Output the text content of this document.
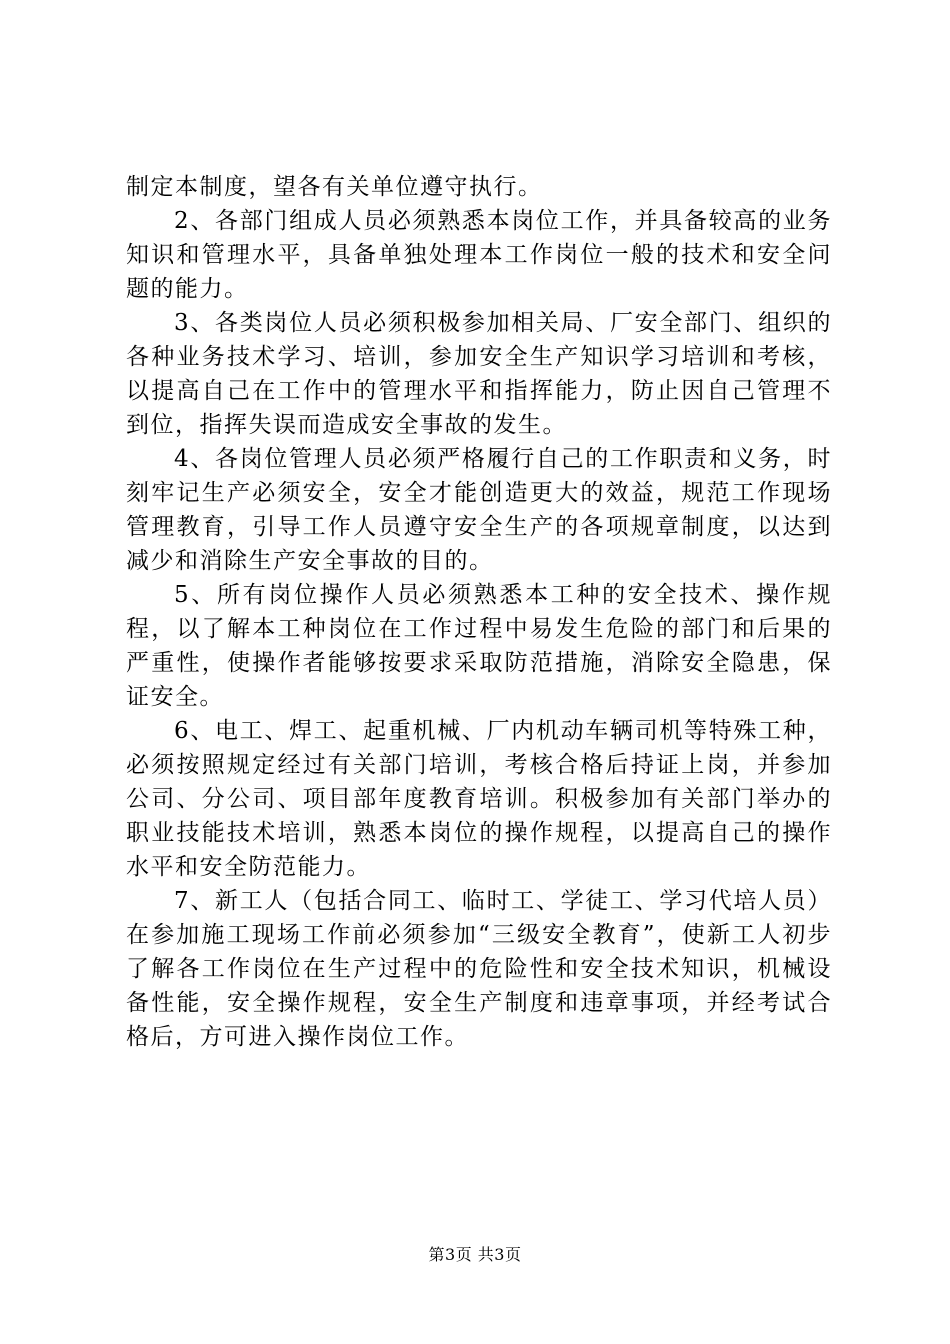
制定本制度，望各有关单位遵守执行。

2、各部门组成人员必须熟悉本岗位工作，并具备较高的业务知识和管理水平，具备单独处理本工作岗位一般的技术和安全问题的能力。

3、各类岗位人员必须积极参加相关局、厂安全部门、组织的各种业务技术学习、培训，参加安全生产知识学习培训和考核，以提高自己在工作中的管理水平和指挥能力，防止因自己管理不到位，指挥失误而造成安全事故的发生。

4、各岗位管理人员必须严格履行自己的工作职责和义务，时刻牢记生产必须安全，安全才能创造更大的效益，规范工作现场管理教育，引导工作人员遵守安全生产的各项规章制度，以达到减少和消除生产安全事故的目的。

5、所有岗位操作人员必须熟悉本工种的安全技术、操作规程，以了解本工种岗位在工作过程中易发生危险的部门和后果的严重性，使操作者能够按要求采取防范措施，消除安全隐患，保证安全。

6、电工、焊工、起重机械、厂内机动车辆司机等特殊工种，必须按照规定经过有关部门培训，考核合格后持证上岗，并参加公司、分公司、项目部年度教育培训。积极参加有关部门举办的职业技能技术培训，熟悉本岗位的操作规程，以提高自己的操作水平和安全防范能力。

7、新工人（包括合同工、临时工、学徒工、学习代培人员）在参加施工现场工作前必须参加“三级安全教育”，使新工人初步了解各工作岗位在生产过程中的危险性和安全技术知识，机械设备性能，安全操作规程，安全生产制度和违章事项，并经考试合格后，方可进入操作岗位工作。

第3页 共3页
